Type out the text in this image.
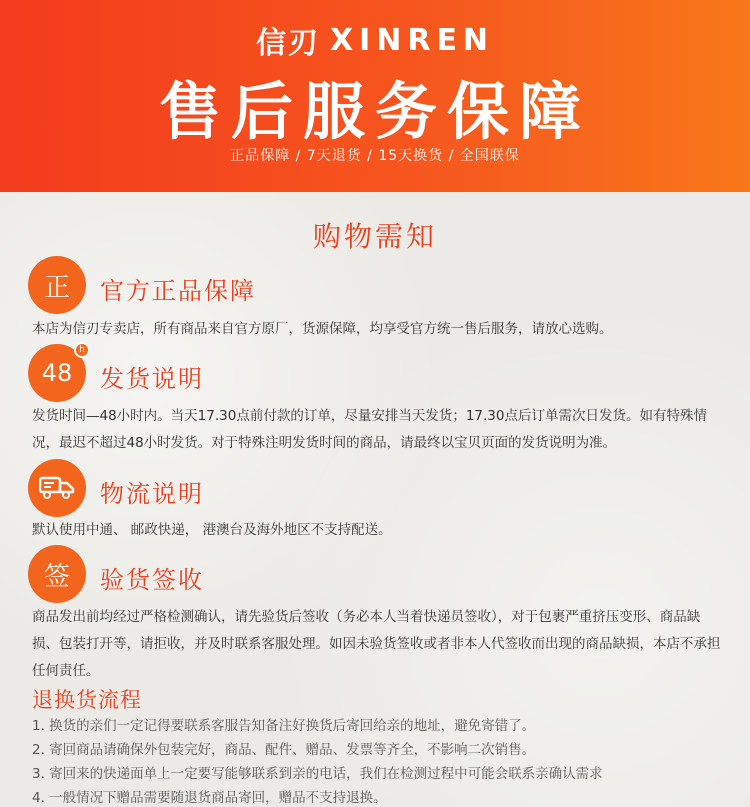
信刃 XINREN
售后服务保障
正品保障 / 7天退货 / 15天换货 / 全国联保
购物需知
正 官方正品保障
本店为信刃专卖店，所有商品来自官方原厂，货源保障，均享受官方统一售后服务，请放心选购。
48
h
发货说明
发货时间—48小时内。当天17.30点前付款的订单，尽量安排当天发货；17.30点后订单需次日发货。如有特殊情况，最迟不超过48小时发货。对于特殊注明发货时间的商品，请最终以宝贝页面的发货说明为准。
物流说明
默认使用中通、 邮政快递， 港澳台及海外地区不支持配送。
签 验货签收
商品发出前均经过严格检测确认，请先验货后签收（务必本人当着快递员签收），对于包裹严重挤压变形、商品缺损、包装打开等，请拒收，并及时联系客服处理。如因未验货签收或者非本人代签收而出现的商品缺损，本店不承担任何责任。
退换货流程
1. 换货的亲们一定记得要联系客服告知备注好换货后寄回给亲的地址，避免寄错了。
2. 寄回商品请确保外包装完好，商品、配件、赠品、发票等齐全，不影响二次销售。
3. 寄回来的快递面单上一定要写能够联系到亲的电话，我们在检测过程中可能会联系亲确认需求
4. 一般情况下赠品需要随退货商品寄回，赠品不支持退换。
